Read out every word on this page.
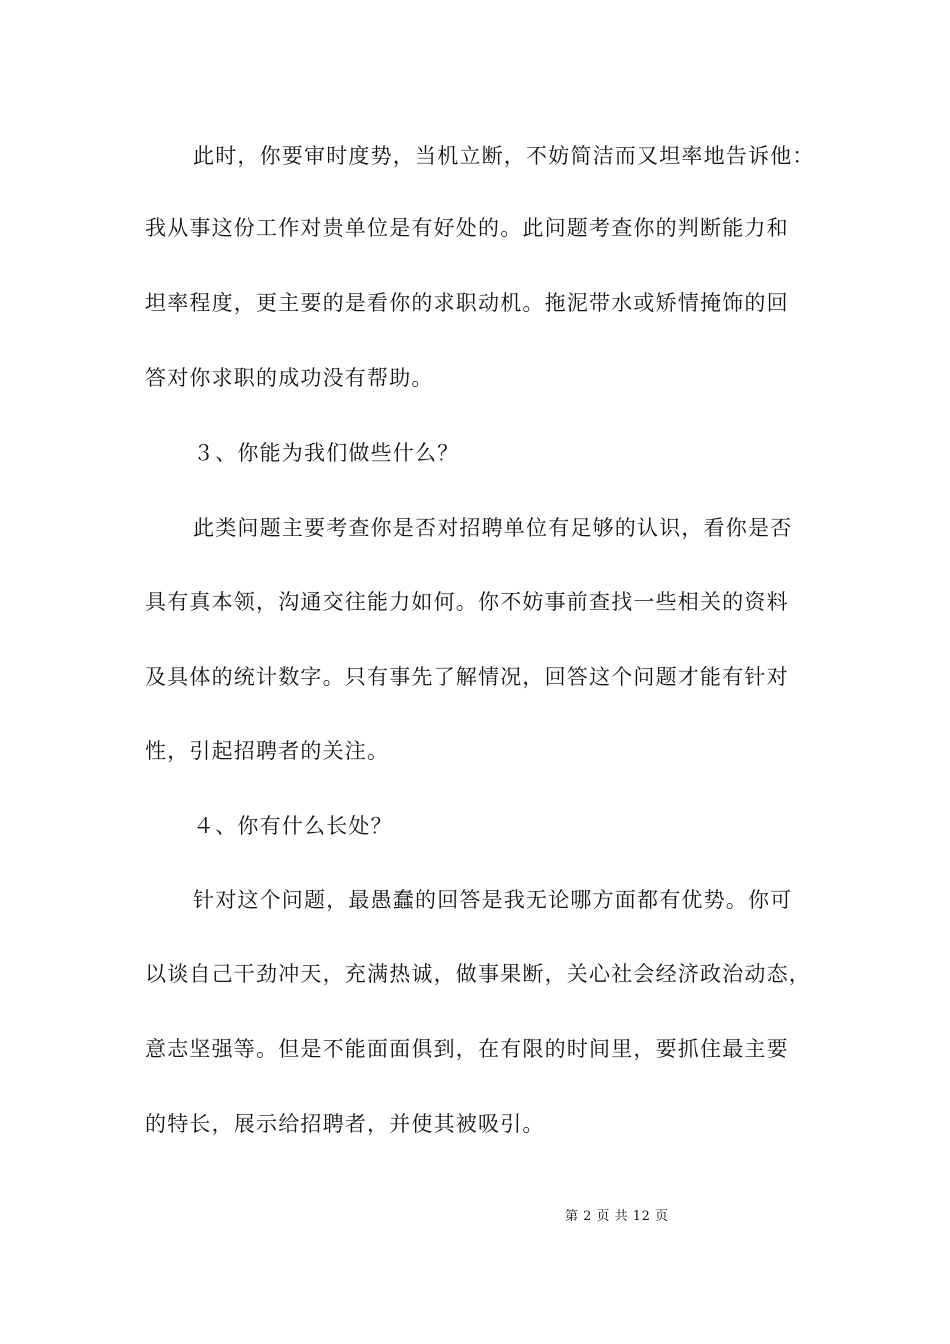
此时，你要审时度势，当机立断，不妨简洁而又坦率地告诉他：
我从事这份工作对贵单位是有好处的。此问题考查你的判断能力和
坦率程度，更主要的是看你的求职动机。拖泥带水或矫情掩饰的回
答对你求职的成功没有帮助。
３、你能为我们做些什么？
此类问题主要考查你是否对招聘单位有足够的认识，看你是否
具有真本领，沟通交往能力如何。你不妨事前查找一些相关的资料
及具体的统计数字。只有事先了解情况，回答这个问题才能有针对
性，引起招聘者的关注。
４、你有什么长处？
针对这个问题，最愚蠢的回答是我无论哪方面都有优势。你可
以谈自己干劲冲天，充满热诚，做事果断，关心社会经济政治动态，
意志坚强等。但是不能面面俱到，在有限的时间里，要抓住最主要
的特长，展示给招聘者，并使其被吸引。
第 2 页 共 12 页
